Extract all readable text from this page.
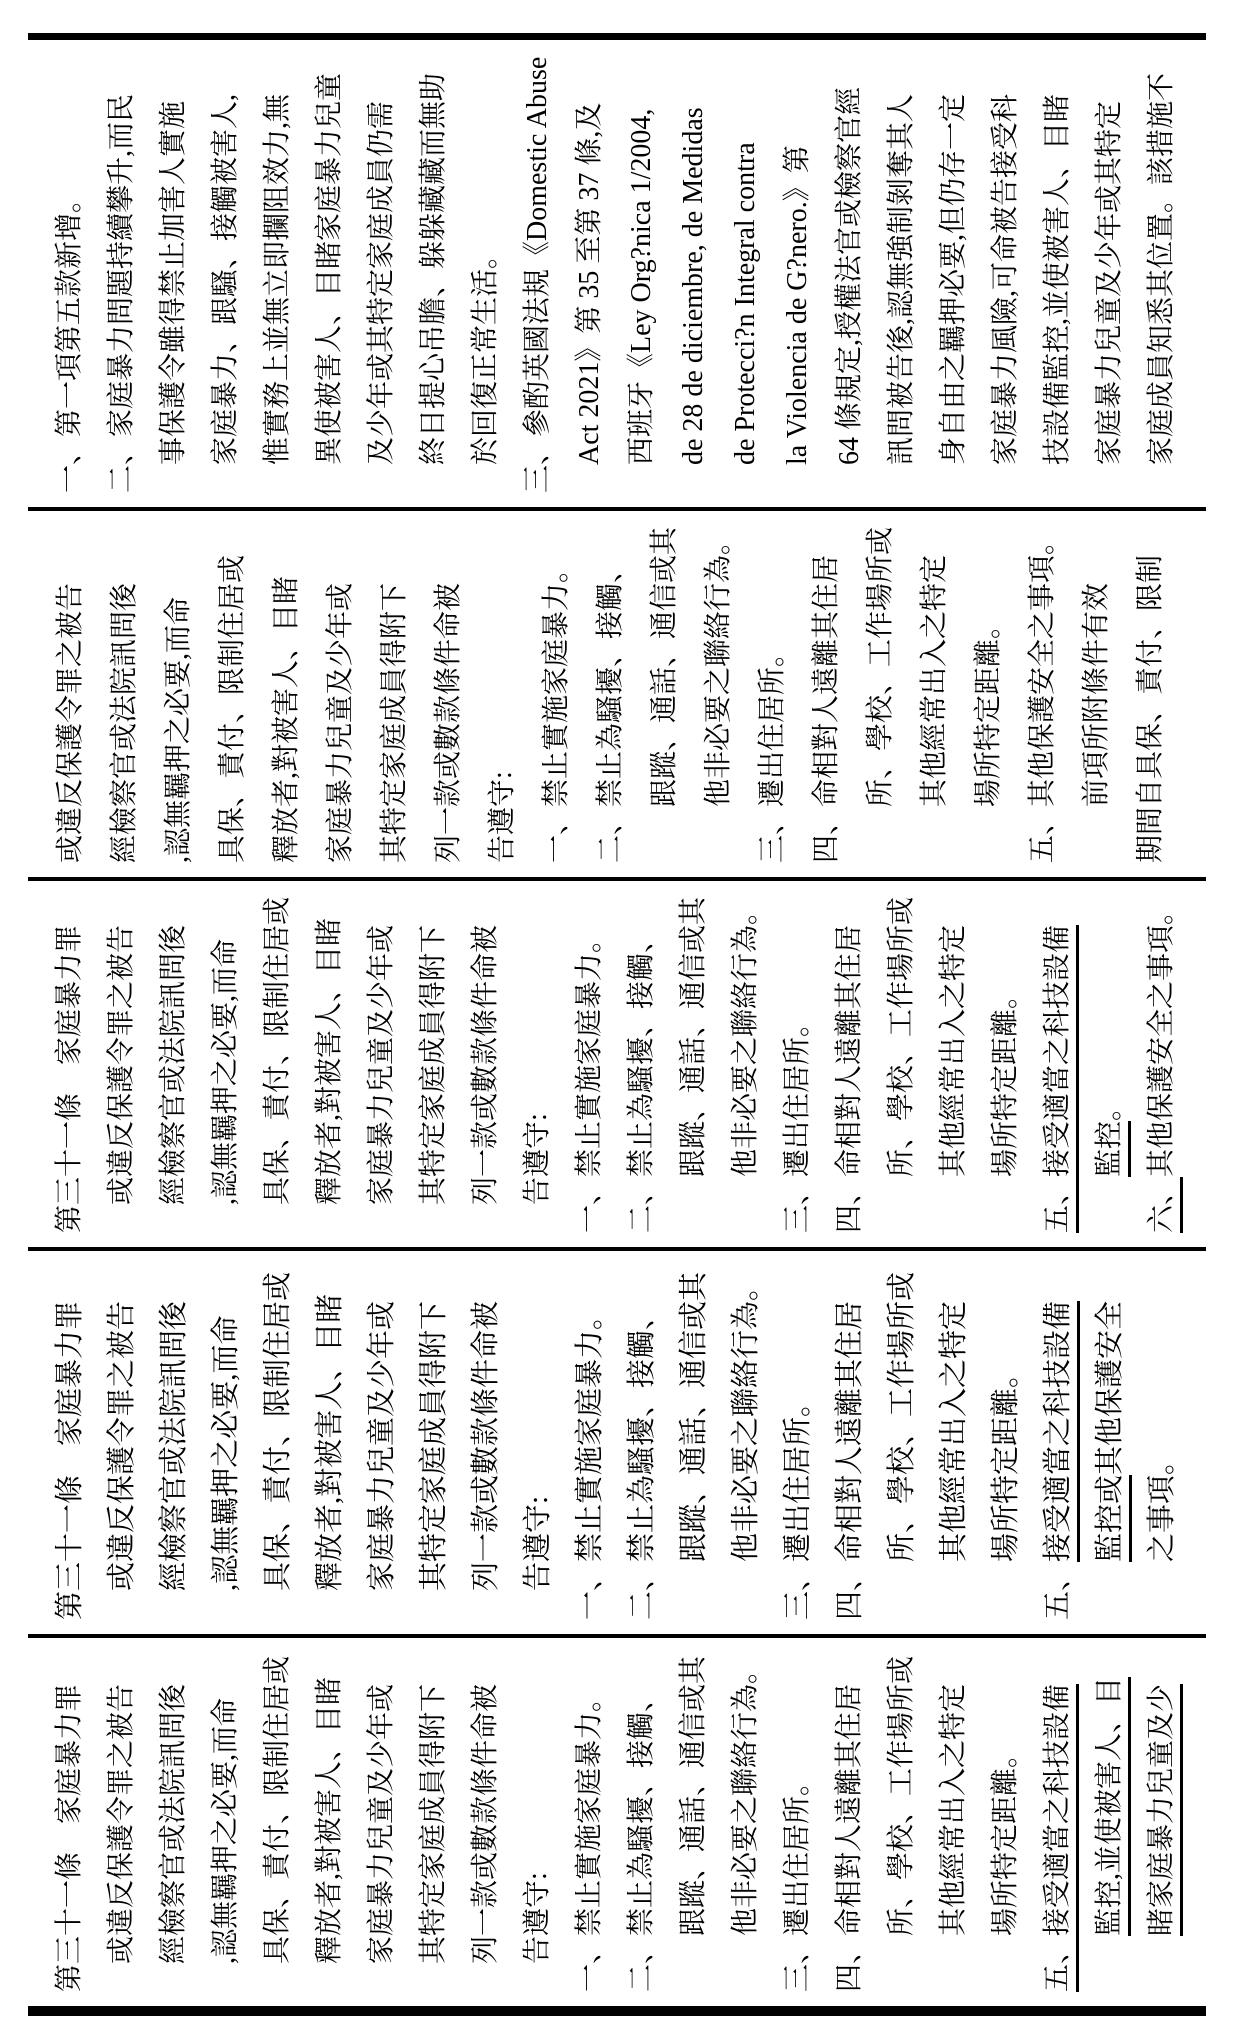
一、第一項第五款新增。 二、家庭暴力問題持續攀升,而民 　事保護令雖得禁止加害人實施 　家庭暴力、跟騷、接觸被害人, 　惟實務上並無立即攔阻效力,無 　異使被害人、目睹家庭暴力兒童 　及少年或其特定家庭成員仍需 　終日提心吊膽、躲躲藏藏而無助 　於回復正常生活。 三、參酌英國法規《Domestic Abuse 　Act 2021》第 35 至第 37 條,及 　西班牙《Ley Org?nica 1/2004, 　de 28 de diciembre, de Medidas 　de Protecci?n Integral contra 　la Violencia de G?nero.》第 　64 條規定,授權法官或檢察官經 　訊問被告後,認無強制剝奪其人 　身自由之羈押必要,但仍存一定 　家庭暴力風險,可命被告接受科 　技設備監控,並使被害人、目睹 　家庭暴力兒童及少年或其特定 　家庭成員知悉其位置。該措施不
或違反保護令罪之被告 經檢察官或法院訊問後 ,認無羈押之必要,而命 具保、責付、限制住居或 釋放者,對被害人、目睹 家庭暴力兒童及少年或 其特定家庭成員得附下 列一款或數款條件命被 告遵守: 一、禁止實施家庭暴力。 二、禁止為騷擾、接觸、 　　跟蹤、通話、通信或其 　　他非必要之聯絡行為。 三、遷出住居所。 四、命相對人遠離其住居 　　所、學校、工作場所或 　　其他經常出入之特定 　　場所特定距離。 五、其他保護安全之事項。 　　前項所附條件有效 期間自具保、責付、限制
第三十一條　家庭暴力罪 　或違反保護令罪之被告 　經檢察官或法院訊問後 　,認無羈押之必要,而命 　具保、責付、限制住居或 　釋放者,對被害人、目睹 　家庭暴力兒童及少年或 　其特定家庭成員得附下 　列一款或數款條件命被 　告遵守: 一、禁止實施家庭暴力。 二、禁止為騷擾、接觸、 　　跟蹤、通話、通信或其 　　他非必要之聯絡行為。 三、遷出住居所。 四、命相對人遠離其住居 　　所、學校、工作場所或 　　其他經常出入之特定 　　場所特定距離。 五、接受適當之科技設備
　　 監控。
六、其他保護安全之事項。
第三十一條　家庭暴力罪 　或違反保護令罪之被告 　經檢察官或法院訊問後 　,認無羈押之必要,而命 　具保、責付、限制住居或 　釋放者,對被害人、目睹 　家庭暴力兒童及少年或 　其特定家庭成員得附下 　列一款或數款條件命被 　告遵守: 一、禁止實施家庭暴力。 二、禁止為騷擾、接觸、 　　跟蹤、通話、通信或其 　　他非必要之聯絡行為。 三、遷出住居所。 四、命相對人遠離其住居 　　所、學校、工作場所或 　　其他經常出入之特定 　　場所特定距離。 五、接受適當之科技設備
　　 監控或其他保護安全
　　之事項。
第三十一條　家庭暴力罪 　或違反保護令罪之被告 　經檢察官或法院訊問後 　,認無羈押之必要,而命 　具保、責付、限制住居或 　釋放者,對被害人、目睹 　家庭暴力兒童及少年或 　其特定家庭成員得附下 　列一款或數款條件命被 　告遵守: 一、禁止實施家庭暴力。 二、禁止為騷擾、接觸、 　　跟蹤、通話、通信或其 　　他非必要之聯絡行為。 三、遷出住居所。 四、命相對人遠離其住居 　　所、學校、工作場所或 　　其他經常出入之特定 　　場所特定距離。 五、接受適當之科技設備
　　 監控,並使被害人、目
　　 睹家庭暴力兒童及少
